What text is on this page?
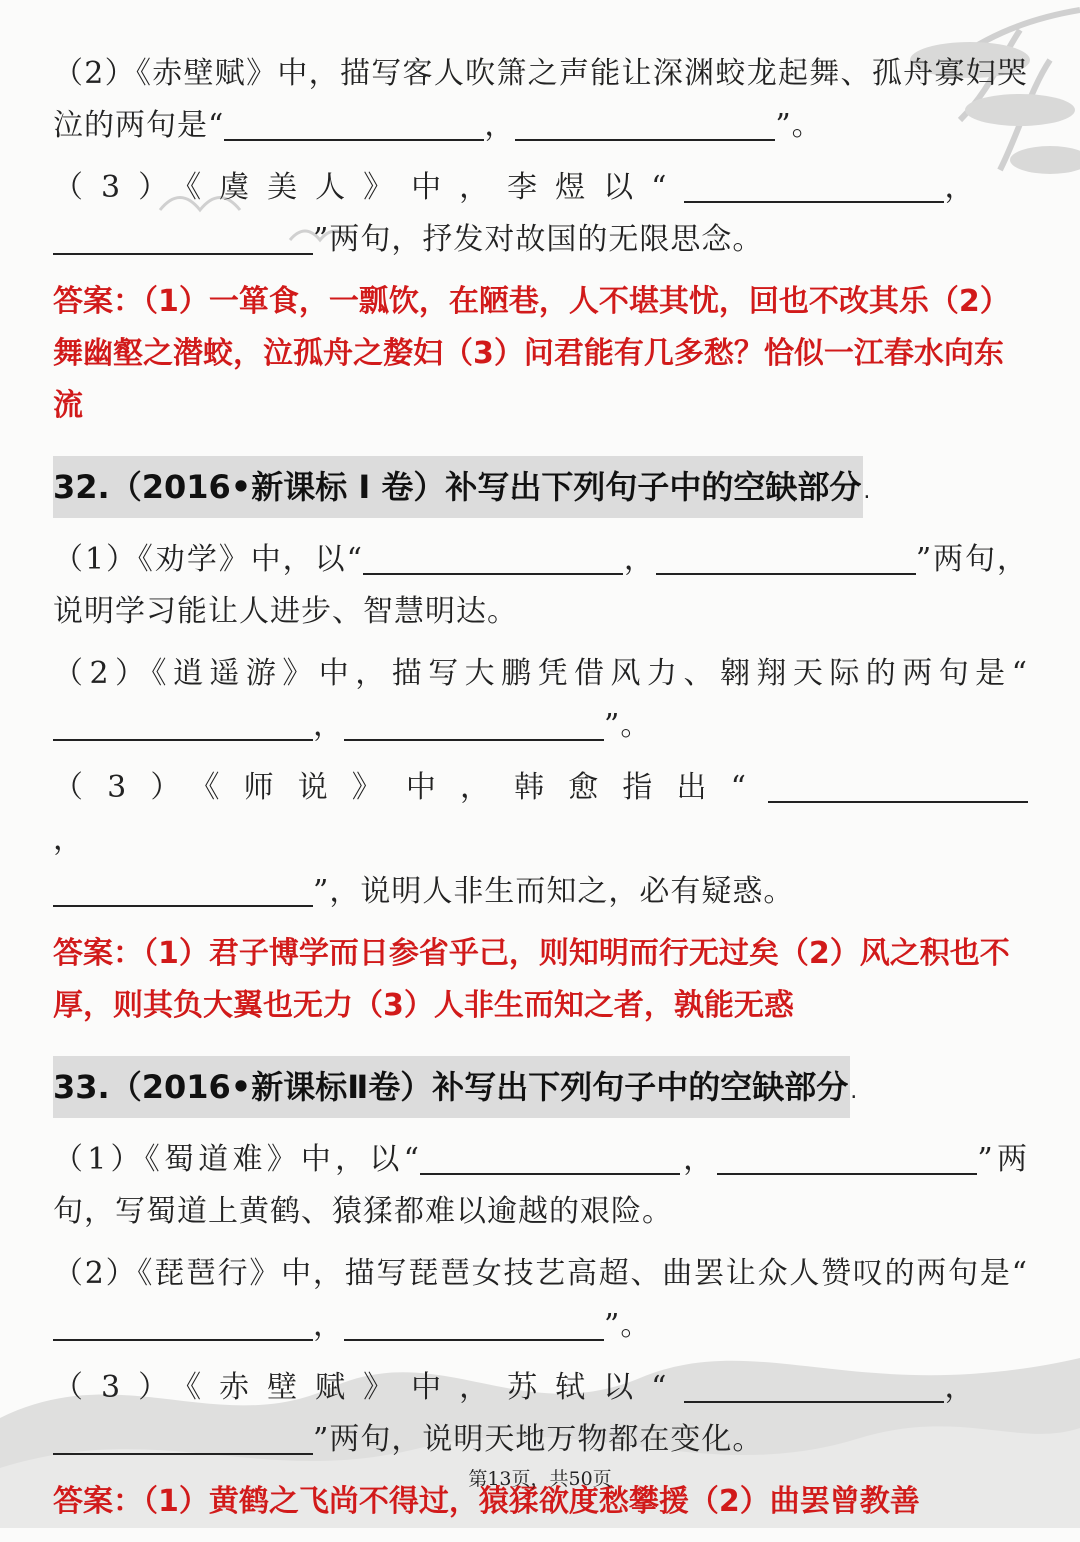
（2）《赤壁赋》中，描写客人吹箫之声能让深渊蛟龙起舞、孤舟寡妇哭泣的两句是“	，	”。

（3）《虞美人》中，李煜以“	，
”两句，抒发对故国的无限思念。

答案：（1）一箪食，一瓢饮，在陋巷，人不堪其忧，回也不改其乐（2）舞幽壑之潜蛟，泣孤舟之嫠妇（3）问君能有几多愁？恰似一江春水向东流

32.（2016•新课标 I 卷）补写出下列句子中的空缺部分.

（1）《劝学》中，以“	，	”两句，说明学习能让人进步、智慧明达。

（2）《逍遥游》中，描写大鹏凭借风力、翱翔天际的两句是“，	”。

（3）《师说》中，韩愈指出“，
”，说明人非生而知之，必有疑惑。

答案：（1）君子博学而日参省乎己，则知明而行无过矣（2）风之积也不厚，则其负大翼也无力（3）人非生而知之者，孰能无惑

33.（2016•新课标Ⅱ卷）补写出下列句子中的空缺部分.

（1）《蜀道难》中，以“	，	”两句，写蜀道上黄鹤、猿猱都难以逾越的艰险。

（2）《琵琶行》中，描写琵琶女技艺高超、曲罢让众人赞叹的两句是“，	”。

（3）《赤壁赋》中，苏轼以“	，
”两句，说明天地万物都在变化。

答案：（1）黄鹤之飞尚不得过，猿猱欲度愁攀援（2）曲罢曾教善

第13页，共50页
